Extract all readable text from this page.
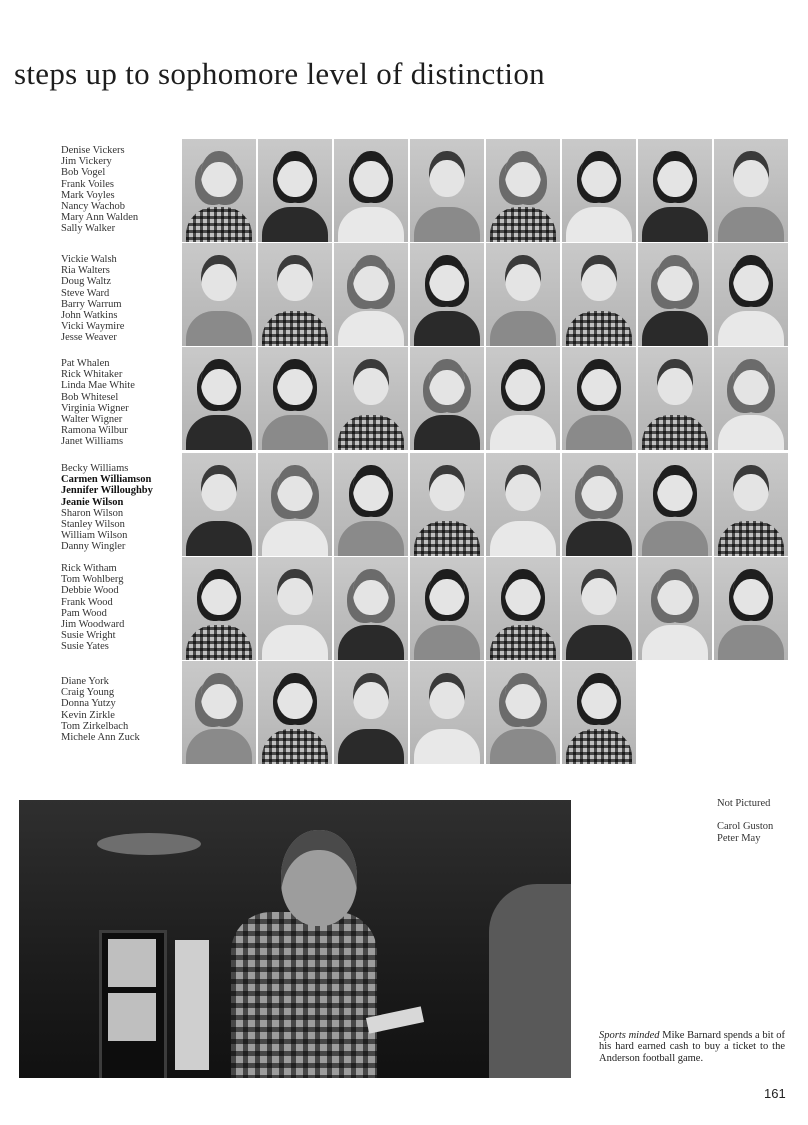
steps up to sophomore level of distinction
Denise Vickers
Jim Vickery
Bob Vogel
Frank Voiles
Mark Voyles
Nancy Wachob
Mary Ann Walden
Sally Walker
Vickie Walsh
Ria Walters
Doug Waltz
Steve Ward
Barry Warrum
John Watkins
Vicki Waymire
Jesse Weaver
Pat Whalen
Rick Whitaker
Linda Mae White
Bob Whitesel
Virginia Wigner
Walter Wigner
Ramona Wilbur
Janet Williams
Becky Williams
Carmen Williamson
Jennifer Willoughby
Jeanie Wilson
Sharon Wilson
Stanley Wilson
William Wilson
Danny Wingler
Rick Witham
Tom Wohlberg
Debbie Wood
Frank Wood
Pam Wood
Jim Woodward
Susie Wright
Susie Yates
Diane York
Craig Young
Donna Yutzy
Kevin Zirkle
Tom Zirkelbach
Michele Ann Zuck
Not Pictured
Carol Guston
Peter May

Sports minded Mike Barnard spends a bit of his hard earned cash to buy a ticket to the Anderson football game.

161
